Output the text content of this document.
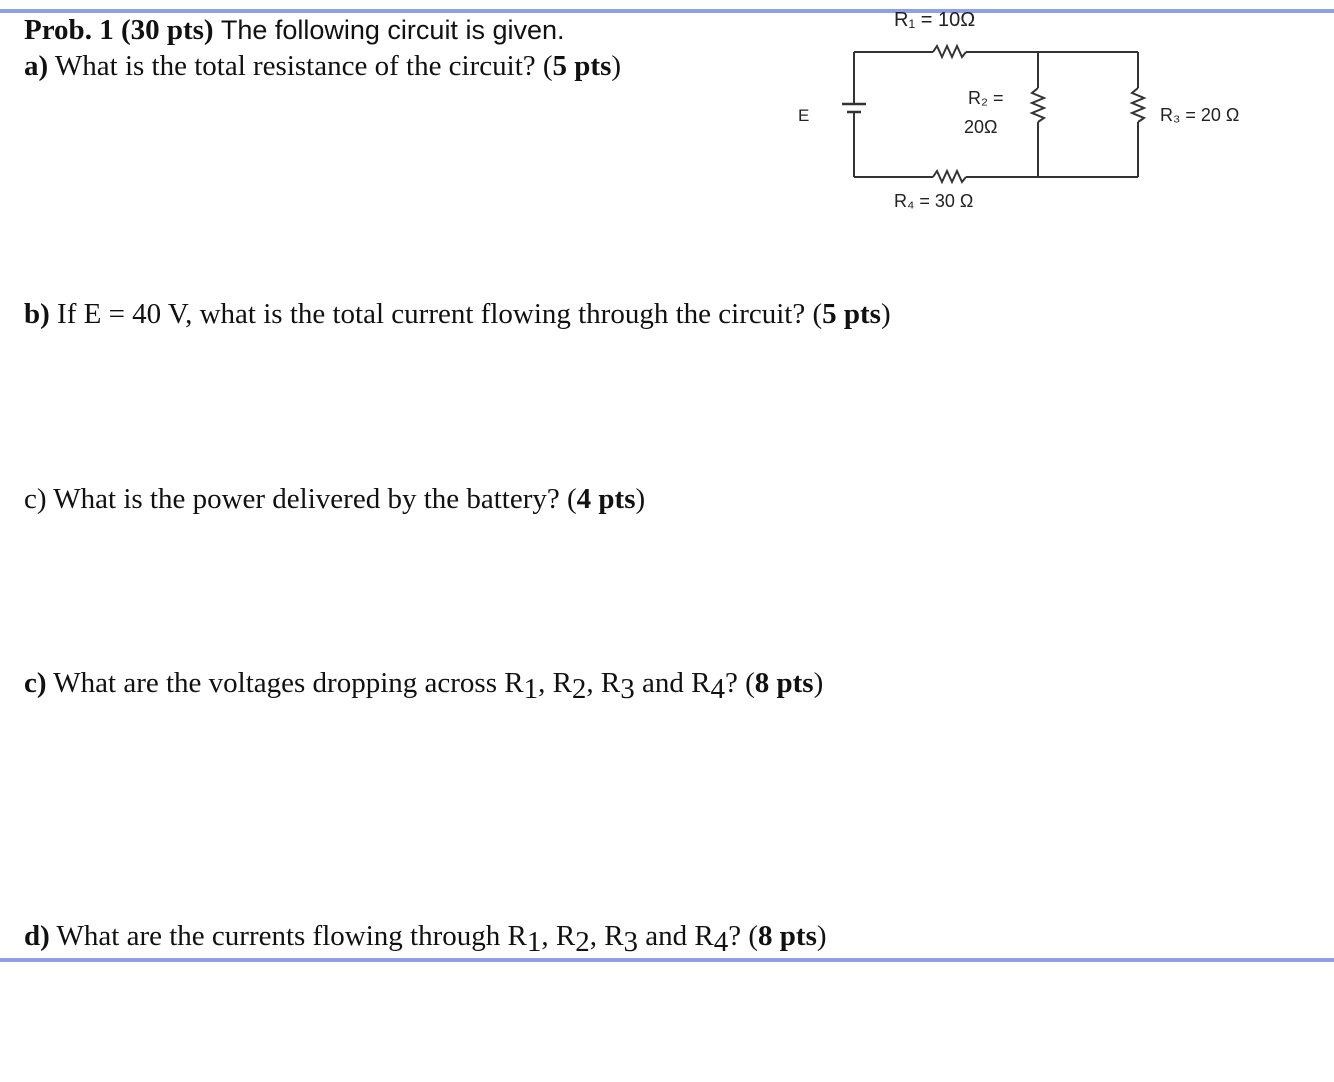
Prob. 1 (30 pts) The following circuit is given.
a) What is the total resistance of the circuit? (5 pts)
E
R₁ = 10Ω
R₂ =
20Ω
R₃ = 20 Ω
R₄ = 30 Ω
b) If E = 40 V, what is the total current flowing through the circuit? (5 pts)
c) What is the power delivered by the battery? (4 pts)
c) What are the voltages dropping across $R_1$, $R_2$, $R_3$ and $R_4$? (8 pts)
d) What are the currents flowing through $R_1$, $R_2$, $R_3$ and $R_4$? (8 pts)
